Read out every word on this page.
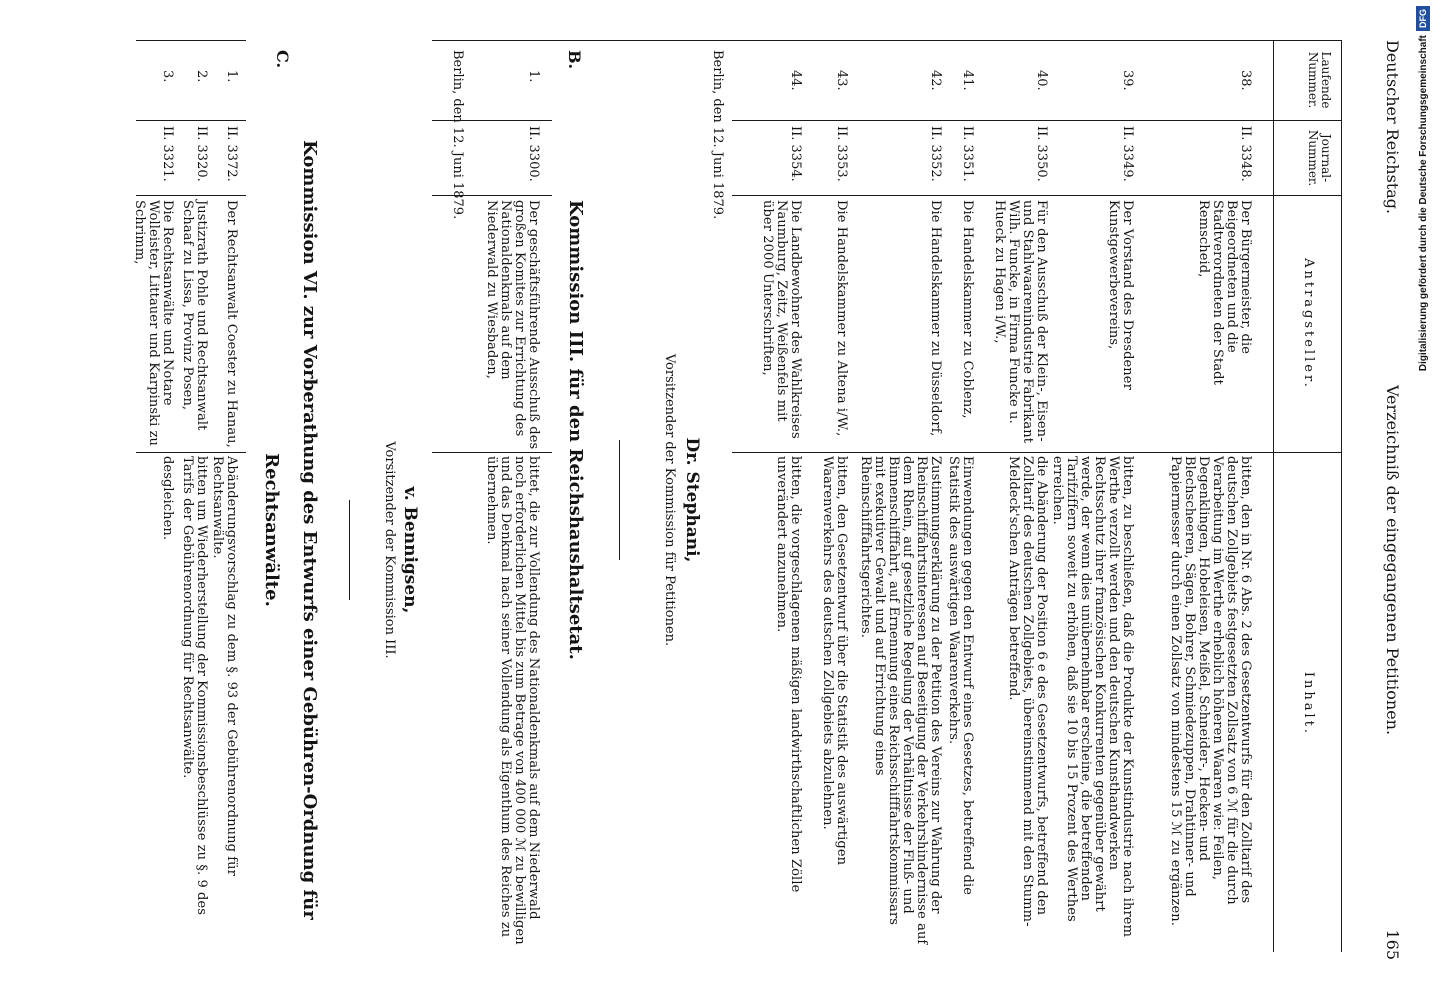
Deutscher Reichstag.
Verzeichniß der eingegangenen Petitionen.
165
Laufende Nummer.
Journal-Nummer.
Antragsteller.
Inhalt.
38.
II. 3348.
Der Bürgermeister, die Beigeordneten und die Stadtverordneten der Stadt Remscheid,
bitten, den in Nr. 6 Abs. 2 des Gesetzentwurfs für den Zolltarif des deutschen Zollgebiets festgesetzten Zollsatz von 6 ℳ für die durch Verarbeitung im Werthe erheblich höheren Waaren wie: Feilen, Degenklingen, Hobeleisen, Meißel, Schneider-, Hecken- und Blechscheeren, Sägen, Bohrer, Schmiedezuppen, Drahtinner- und Papiermesser durch einen Zollsatz von mindestens 15 ℳ zu ergänzen.
39.
II. 3349.
Der Vorstand des Dresdener Kunstgewerbevereins,
bitten, zu beschließen, daß die Produkte der Kunstindustrie nach ihrem Werthe verzollt werden und den deutschen Kunsthandwerken Rechtsschutz ihrer französischen Konkurrenten gegenüber gewährt werde, der wenn dies unübernehmbar erscheine, die betreffenden Tarifziffern soweit zu erhöhen, daß sie 10 bis 15 Prozent des Werthes erreichen.
40.
II. 3350.
Für den Ausschuß der Klein-, Eisen- und Stahlwaarenindustrie Fabrikant Wilh. Funcke, in Firma Funcke u. Hueck zu Hagen i/W.,
die Abänderung der Position 6 e des Gesetzentwurfs, betreffend den Zolltarif des deutschen Zollgebiets, übereinstimmend mit den Stumm-Meldeck'schen Anträgen betreffend.
41.
II. 3351.
Die Handelskammer zu Coblenz,
Einwendungen gegen den Entwurf eines Gesetzes, betreffend die Statistik des auswärtigen Waarenverkehrs.
42.
II. 3352.
Die Handelskammer zu Düsseldorf,
Zustimmungserklärung zu der Petition des Vereins zur Wahrung der Rheinschifffahrtsinteressen auf Beseitigung der Verkehrshindernisse auf dem Rhein, auf gesetzliche Regelung der Verhältnisse der Fluß- und Binnenschifffahrt, auf Ernennung eines Reichsschifffahrtskommissars mit exekutiver Gewalt und auf Errichtung eines Rheinschifffahrtsgerichtes.
43.
II. 3353.
Die Handelskammer zu Altena i/W.,
bitten, den Gesetzentwurf über die Statistik des auswärtigen Waarenverkehrs des deutschen Zollgebiets abzulehnen.
44.
II. 3354.
Die Landbewohner des Wahlkreises Naumburg, Zeitz, Weißenfels mit über 2000 Unterschriften,
bitten, die vorgeschlagenen mäßigen landwirthschaftlichen Zölle unverändert anzunehmen.
Berlin, den 12. Juni 1879.
Dr. Stephani,
Vorsitzender der Kommission für Petitionen.
B.
Kommission III. für den Reichshaushaltsetat.
1.
II. 3300.
Der geschäftsführende Ausschuß des großen Komites zur Errichtung des Nationaldenkmals auf dem Niederwald zu Wiesbaden,
bittet, die zur Vollendung des Nationaldenkmals auf dem Niederwald noch erforderlichen Mittel bis zum Betrage von 400 000 ℳ zu bewilligen und das Denkmal nach seiner Vollendung als Eigenthum des Reiches zu übernehmen.
Berlin, den 12. Juni 1879.
v. Bennigsen,
Vorsitzender der Kommission III.
C.
Kommission VI. zur Vorberathung des Entwurfs einer Gebühren-Ordnung für
Rechtsanwälte.
1.
II. 3372.
Der Rechtsanwalt Coester zu Hanau,
Abänderungsvorschlag zu dem §. 93 der Gebührenordnung für Rechtsanwälte.
2.
II. 3320.
Justizrath Pohle und Rechtsanwalt Schaaf zu Lissa, Provinz Posen,
bitten um Wiederherstellung der Kommissionsbeschlüsse zu §. 9 des Tarifs der Gebührenordnung für Rechtsanwälte.
3.
II. 3321.
Die Rechtsanwälte und Notare Wolleister, Littauer und Karpinski zu Schrimm,
desgleichen.
Digitalisierung gefördert durch die Deutsche ForschungsgemeinschaftDFG
